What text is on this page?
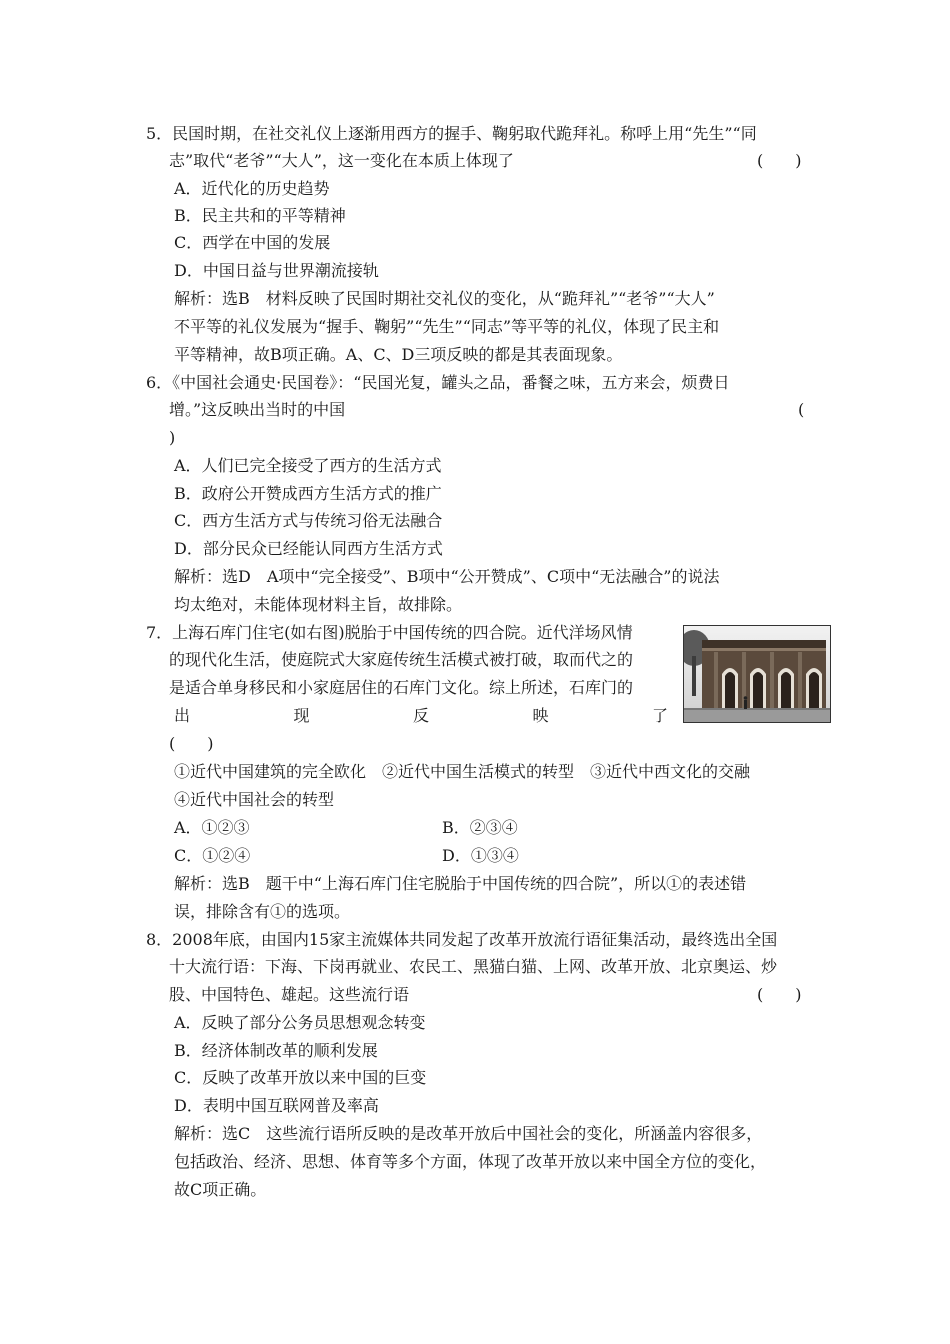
5．民国时期，在社交礼仪上逐渐用西方的握手、鞠躬取代跪拜礼。称呼上用“先生”“同
志”取代“老爷”“大人”，这一变化在本质上体现了	(　　)
A．近代化的历史趋势
B．民主共和的平等精神
C．西学在中国的发展
D．中国日益与世界潮流接轨
解析：选B　材料反映了民国时期社交礼仪的变化，从“跪拜礼”“老爷”“大人”
不平等的礼仪发展为“握手、鞠躬”“先生”“同志”等平等的礼仪，体现了民主和
平等精神，故B项正确。A、C、D三项反映的都是其表面现象。
6．《中国社会通史·民国卷》：“民国光复，罐头之品，番餐之味，五方来会，烦费日
增。”这反映出当时的中国	(
)
A．人们已完全接受了西方的生活方式
B．政府公开赞成西方生活方式的推广
C．西方生活方式与传统习俗无法融合
D．部分民众已经能认同西方生活方式
解析：选D　A项中“完全接受”、B项中“公开赞成”、C项中“无法融合”的说法
均太绝对，未能体现材料主旨，故排除。
7．上海石库门住宅(如右图)脱胎于中国传统的四合院。近代洋场风情
的现代化生活，使庭院式大家庭传统生活模式被打破，取而代之的
是适合单身移民和小家庭居住的石库门文化。综上所述，石库门的
出	现	反	映	了
(　　)
①近代中国建筑的完全欧化　②近代中国生活模式的转型　③近代中西文化的交融
④近代中国社会的转型
A．①②③	B．②③④
C．①②④	D．①③④
解析：选B　题干中“上海石库门住宅脱胎于中国传统的四合院”，所以①的表述错
误，排除含有①的选项。
8．2008年底，由国内15家主流媒体共同发起了改革开放流行语征集活动，最终选出全国
十大流行语：下海、下岗再就业、农民工、黑猫白猫、上网、改革开放、北京奥运、炒
股、中国特色、雄起。这些流行语	(　　)
A．反映了部分公务员思想观念转变
B．经济体制改革的顺利发展
C．反映了改革开放以来中国的巨变
D．表明中国互联网普及率高
解析：选C　这些流行语所反映的是改革开放后中国社会的变化，所涵盖内容很多，
包括政治、经济、思想、体育等多个方面，体现了改革开放以来中国全方位的变化，
故C项正确。
